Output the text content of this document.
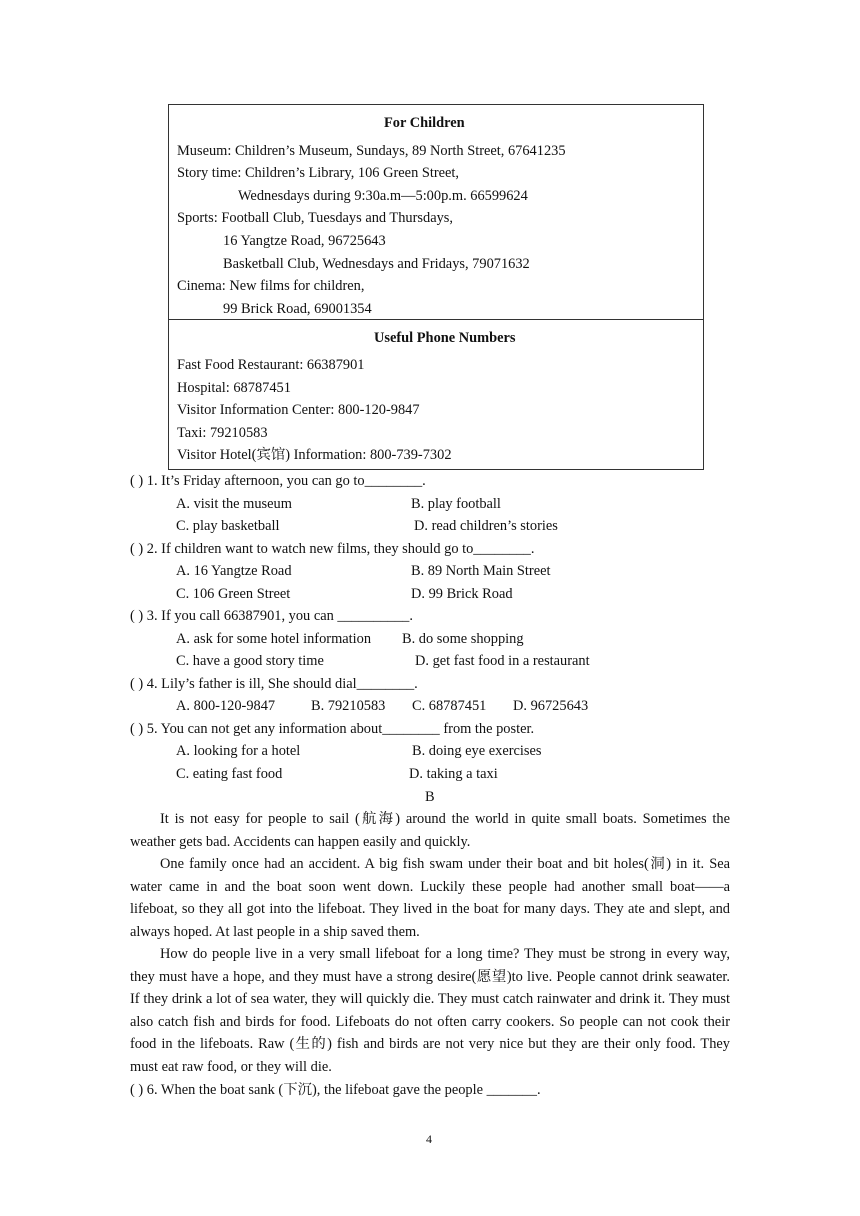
For Children
Museum: Children’s Museum, Sundays, 89 North Street, 67641235
Story time: Children’s Library, 106 Green Street,
Wednesdays during 9:30a.m—5:00p.m. 66599624
Sports: Football Club, Tuesdays and Thursdays,
16 Yangtze Road, 96725643
Basketball Club, Wednesdays and Fridays, 79071632
Cinema: New films for children,
99 Brick Road, 69001354
Useful Phone Numbers
Fast Food Restaurant: 66387901
Hospital: 68787451
Visitor Information Center: 800-120-9847
Taxi: 79210583
Visitor Hotel(宾馆) Information: 800-739-7302
( ) 1. It’s Friday afternoon, you can go to________.
A. visit the museum	B. play football
C. play basketball	D. read children’s stories
( ) 2. If children want to watch new films, they should go to________.
A. 16 Yangtze Road	B. 89 North Main Street
C. 106 Green Street	D. 99 Brick Road
( ) 3. If you call 66387901, you can __________.
A. ask for some hotel information B. do some shopping
C. have a good story time	D. get fast food in a restaurant
( ) 4. Lily’s father is ill, She should dial________.
A. 800-120-9847 B. 79210583 C. 68787451 D. 96725643
( ) 5. You can not get any information about________ from the poster.
A. looking for a hotel	B. doing eye exercises
C. eating fast food	D. taking a taxi
B
It is not easy for people to sail (航海) around the world in quite small boats. Sometimes the weather gets bad. Accidents can happen easily and quickly.
One family once had an accident. A big fish swam under their boat and bit holes(洞) in it. Sea water came in and the boat soon went down. Luckily these people had another small boat——a lifeboat, so they all got into the lifeboat. They lived in the boat for many days. They ate and slept, and always hoped. At last people in a ship saved them.
How do people live in a very small lifeboat for a long time? They must be strong in every way, they must have a hope, and they must have a strong desire(愿望)to live. People cannot drink seawater. If they drink a lot of sea water, they will quickly die. They must catch rainwater and drink it. They must also catch fish and birds for food. Lifeboats do not often carry cookers. So people can not cook their food in the lifeboats. Raw (生的) fish and birds are not very nice but they are their only food. They must eat raw food, or they will die.
( ) 6. When the boat sank (下沉), the lifeboat gave the people _______.
4
